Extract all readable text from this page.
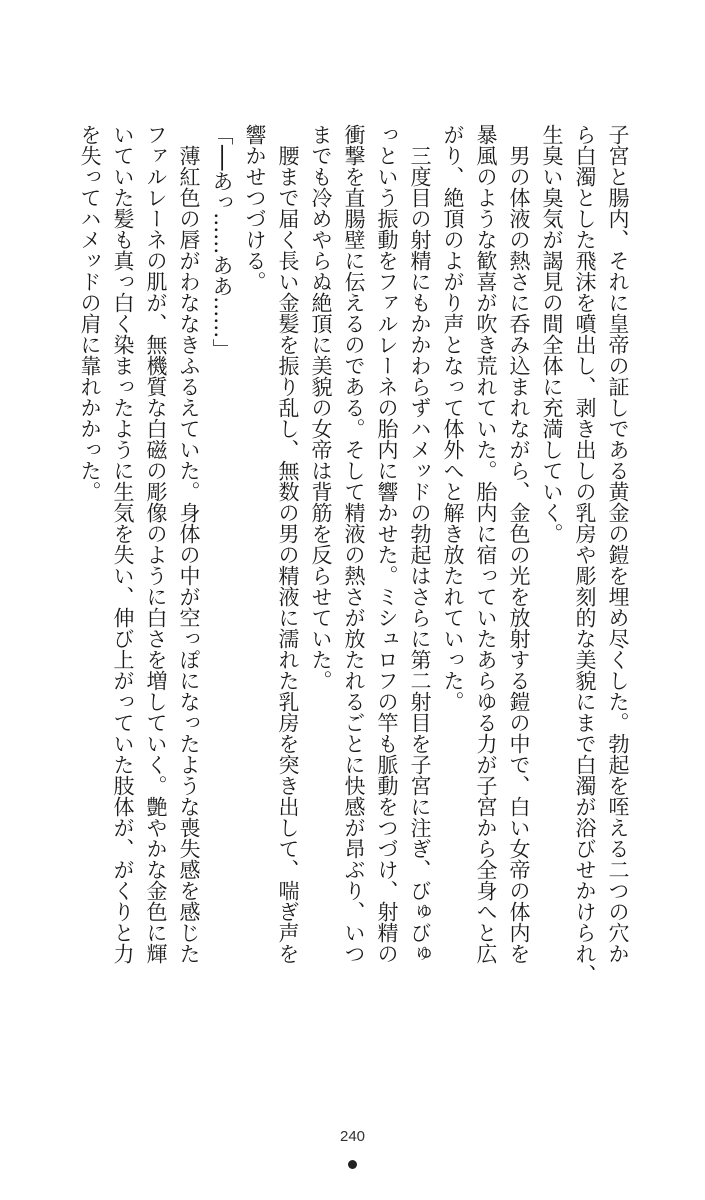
子宮と腸内、それに皇帝の証しである黄金の鎧を埋め尽くした。勃起を咥える二つの穴か
ら白濁とした飛沫を噴出し、剥き出しの乳房や彫刻的な美貌にまで白濁が浴びせかけられ、
生臭い臭気が謁見の間全体に充満していく。
男の体液の熱さに呑み込まれながら、金色の光を放射する鎧の中で、白い女帝の体内を
暴風のような歓喜が吹き荒れていた。胎内に宿っていたあらゆる力が子宮から全身へと広
がり、絶頂のよがり声となって体外へと解き放たれていった。
三度目の射精にもかかわらずハメッドの勃起はさらに第二射目を子宮に注ぎ、びゅびゅ
っという振動をファルレーネの胎内に響かせた。ミシュロフの竿も脈動をつづけ、射精の
衝撃を直腸壁に伝えるのである。そして精液の熱さが放たれるごとに快感が昂ぶり、いつ
までも冷めやらぬ絶頂に美貌の女帝は背筋を反らせていた。
腰まで届く長い金髪を振り乱し、無数の男の精液に濡れた乳房を突き出して、喘ぎ声を
響かせつづける。
「──あっ……ああ……」
薄紅色の唇がわななきふるえていた。身体の中が空っぽになったような喪失感を感じた
ファルレーネの肌が、無機質な白磁の彫像のように白さを増していく。艶やかな金色に輝
いていた髪も真っ白く染まったように生気を失い、伸び上がっていた肢体が、がくりと力
を失ってハメッドの肩に靠れかかった。
240
